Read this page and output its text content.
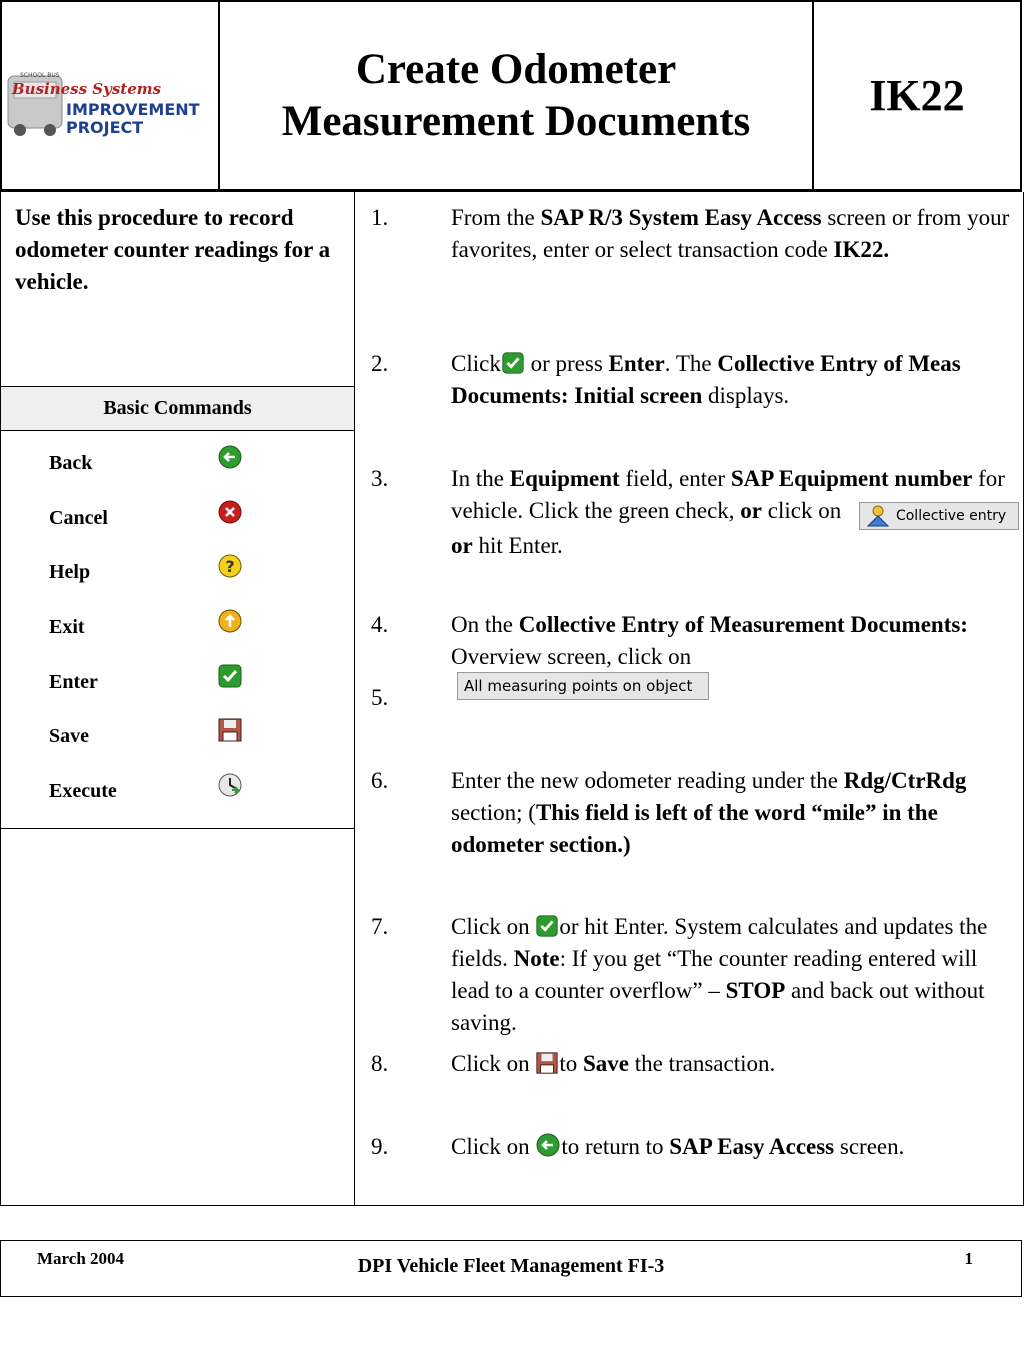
SCHOOL BUS
Business Systems
IMPROVEMENT
PROJECT
Create Odometer
Measurement Documents
IK22
Use this procedure to record odometer counter readings for a vehicle.
Basic Commands
Back
Cancel
Help	?
Exit
Enter
Save
Execute
1.	From the SAP R/3 System Easy Access screen or from your favorites, enter or select transaction code IK22.
2.	Click or press Enter. The Collective Entry of Meas Documents: Initial screen displays.
3.	In the Equipment field, enter SAP Equipment number for vehicle. Click the green check, or click on	Collective entryor hit Enter.
4.	On the Collective Entry of Measurement Documents: Overview screen, click on
5.	All measuring points on object
6.	Enter the new odometer reading under the Rdg/CtrRdg section; (This field is left of the word “mile” in the odometer section.)
7.	Click on or hit Enter. System calculates and updates the fields. Note: If you get “The counter reading entered will lead to a counter overflow” – STOP and back out without saving.
8.	Click on to Save the transaction.
9.	Click on to return to SAP Easy Access screen.
March 2004	DPI Vehicle Fleet Management FI-3	1
